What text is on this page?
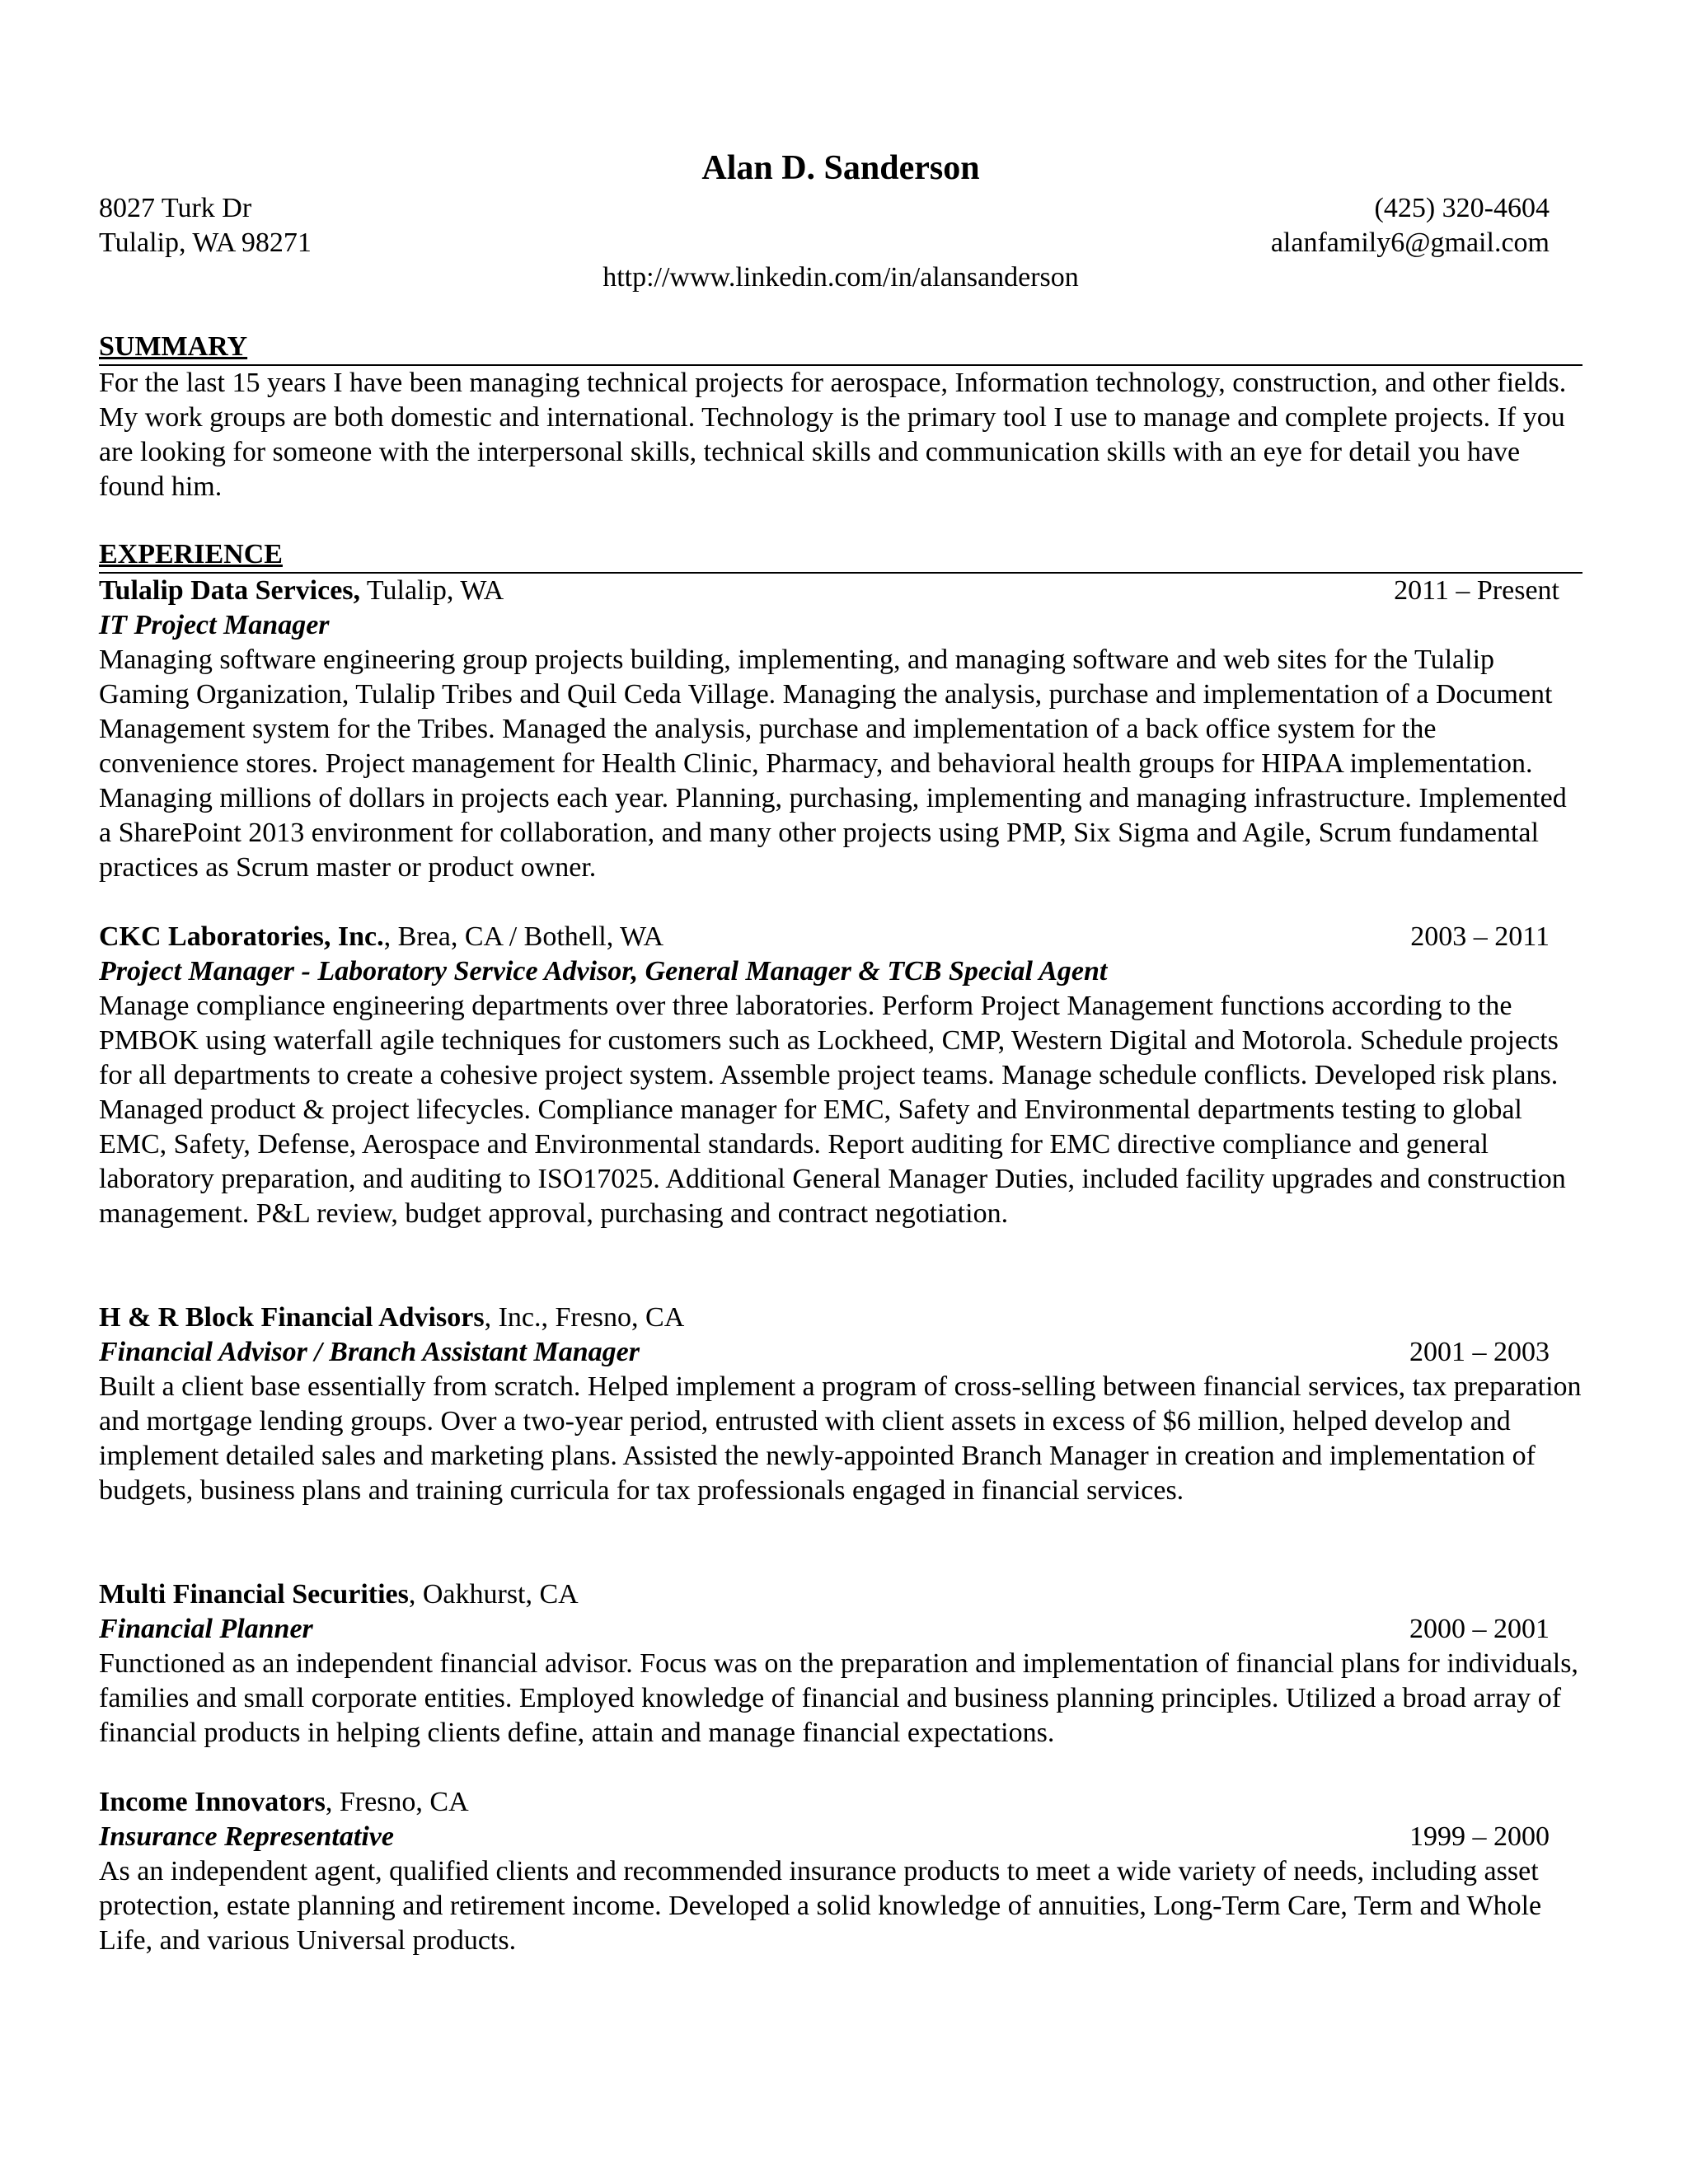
Alan D. Sanderson
8027 Turk Dr	(425) 320-4604
Tulalip, WA 98271	alanfamily6@gmail.com
http://www.linkedin.com/in/alansanderson
SUMMARY
For the last 15 years I have been managing technical projects for aerospace, Information technology, construction, and other fields. My work groups are both domestic and international. Technology is the primary tool I use to manage and complete projects. If you are looking for someone with the interpersonal skills, technical skills and communication skills with an eye for detail you have found him.
EXPERIENCE
Tulalip Data Services, Tulalip, WA	2011 – Present
IT Project Manager
Managing software engineering group projects building, implementing, and managing software and web sites for the Tulalip Gaming Organization, Tulalip Tribes and Quil Ceda Village. Managing the analysis, purchase and implementation of a Document Management system for the Tribes. Managed the analysis, purchase and implementation of a back office system for the convenience stores. Project management for Health Clinic, Pharmacy, and behavioral health groups for HIPAA implementation. Managing millions of dollars in projects each year. Planning, purchasing, implementing and managing infrastructure. Implemented a SharePoint 2013 environment for collaboration, and many other projects using PMP, Six Sigma and Agile, Scrum fundamental practices as Scrum master or product owner.
CKC Laboratories, Inc., Brea, CA / Bothell, WA	2003 – 2011
Project Manager - Laboratory Service Advisor, General Manager & TCB Special Agent
Manage compliance engineering departments over three laboratories. Perform Project Management functions according to the PMBOK using waterfall agile techniques for customers such as Lockheed, CMP, Western Digital and Motorola. Schedule projects for all departments to create a cohesive project system. Assemble project teams. Manage schedule conflicts. Developed risk plans. Managed product & project lifecycles. Compliance manager for EMC, Safety and Environmental departments testing to global EMC, Safety, Defense, Aerospace and Environmental standards. Report auditing for EMC directive compliance and general laboratory preparation, and auditing to ISO17025. Additional General Manager Duties, included facility upgrades and construction management. P&L review, budget approval, purchasing and contract negotiation.
H & R Block Financial Advisors, Inc., Fresno, CA
Financial Advisor / Branch Assistant Manager	2001 – 2003
Built a client base essentially from scratch. Helped implement a program of cross-selling between financial services, tax preparation and mortgage lending groups. Over a two-year period, entrusted with client assets in excess of $6 million, helped develop and implement detailed sales and marketing plans. Assisted the newly-appointed Branch Manager in creation and implementation of budgets, business plans and training curricula for tax professionals engaged in financial services.
Multi Financial Securities, Oakhurst, CA
Financial Planner	2000 – 2001
Functioned as an independent financial advisor. Focus was on the preparation and implementation of financial plans for individuals, families and small corporate entities. Employed knowledge of financial and business planning principles. Utilized a broad array of financial products in helping clients define, attain and manage financial expectations.
Income Innovators, Fresno, CA
Insurance Representative	1999 – 2000
As an independent agent, qualified clients and recommended insurance products to meet a wide variety of needs, including asset protection, estate planning and retirement income. Developed a solid knowledge of annuities, Long-Term Care, Term and Whole Life, and various Universal products.
